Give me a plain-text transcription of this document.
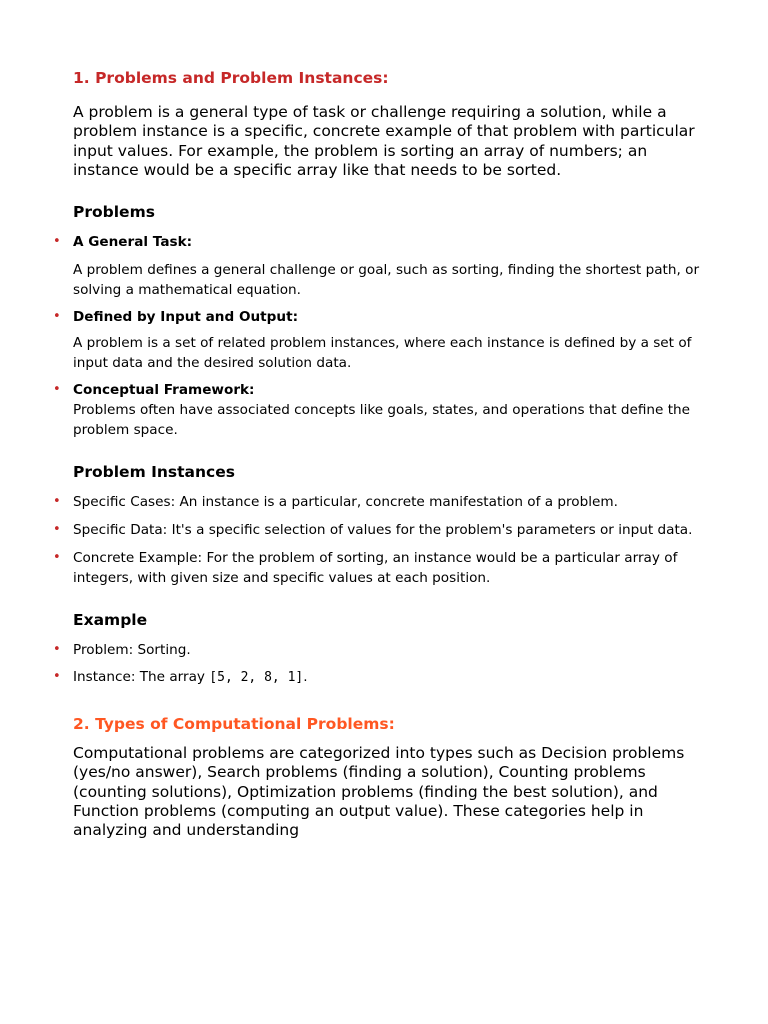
1. Problems and Problem Instances:

A problem is a general type of task or challenge requiring a solution, while a problem instance is a specific, concrete example of that problem with particular input values. For example, the problem is sorting an array of numbers; an instance would be a specific array like that needs to be sorted.

Problems
• A General Task:
A problem defines a general challenge or goal, such as sorting, finding the shortest path, or solving a mathematical equation.
• Defined by Input and Output:
A problem is a set of related problem instances, where each instance is defined by a set of input data and the desired solution data.
• Conceptual Framework:
Problems often have associated concepts like goals, states, and operations that define the problem space.
Problem Instances
• Specific Cases: An instance is a particular, concrete manifestation of a problem.
• Specific Data: It's a specific selection of values for the problem's parameters or input data.
• Concrete Example: For the problem of sorting, an instance would be a particular array of integers, with given size and specific values at each position.
Example
• Problem: Sorting.
• Instance: The array [5, 2, 8, 1].
2. Types of Computational Problems:

Computational problems are categorized into types such as Decision problems (yes/no answer), Search problems (finding a solution), Counting problems (counting solutions), Optimization problems (finding the best solution), and Function problems (computing an output value). These categories help in analyzing and understanding
